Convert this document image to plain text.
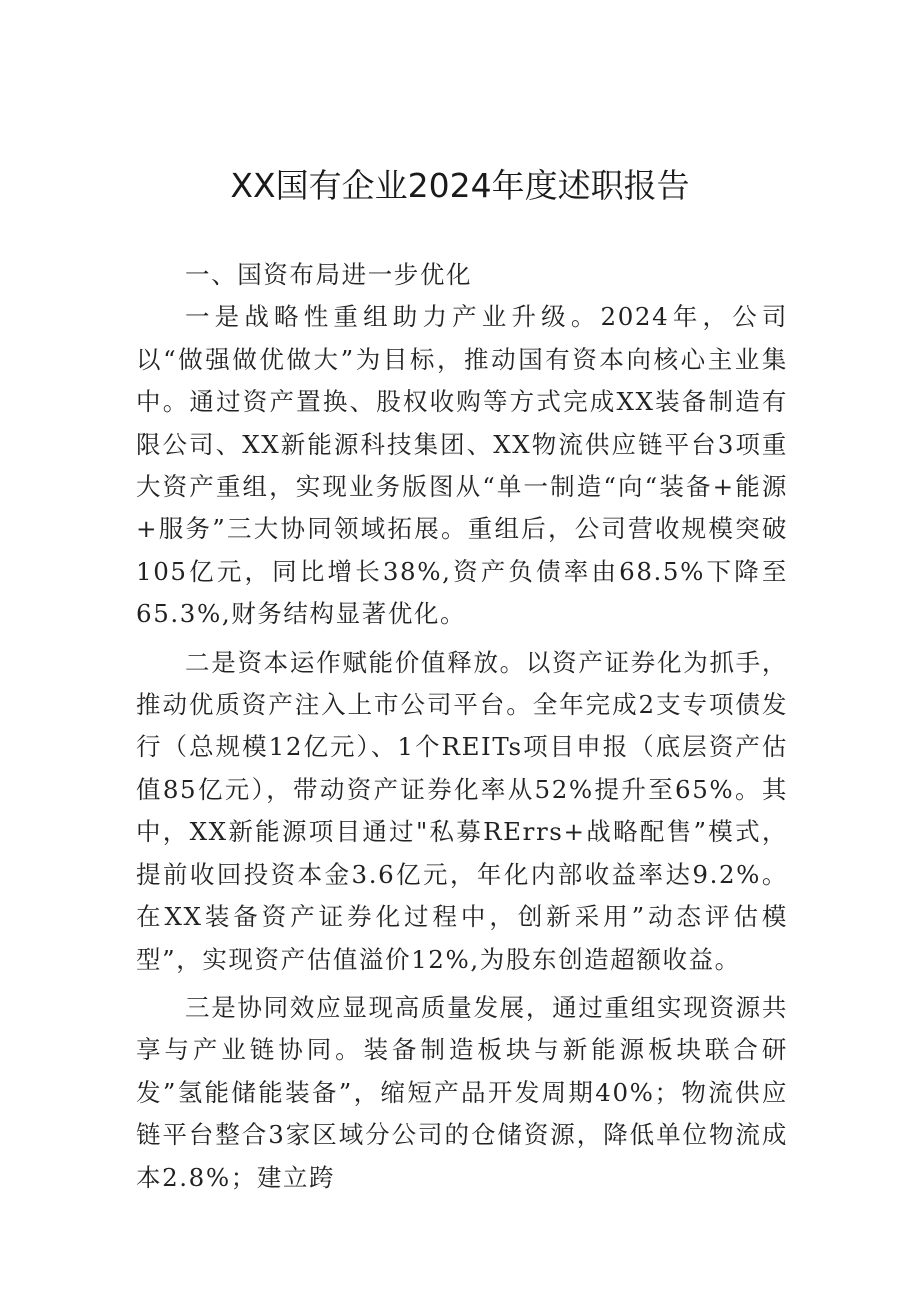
XX国有企业2024年度述职报告

一、国资布局进一步优化

一是战略性重组助力产业升级。2024年，公司以“做强做优做大”为目标，推动国有资本向核心主业集中。通过资产置换、股权收购等方式完成XX装备制造有限公司、XX新能源科技集团、XX物流供应链平台3项重大资产重组，实现业务版图从“单一制造“向“装备+能源+服务”三大协同领域拓展。重组后，公司营收规模突破105亿元，同比增长38%,资产负债率由68.5%下降至65.3%,财务结构显著优化。

二是资本运作赋能价值释放。以资产证券化为抓手，推动优质资产注入上市公司平台。全年完成2支专项债发行（总规模12亿元）、1个REITs项目申报（底层资产估值85亿元），带动资产证券化率从52%提升至65%。其中，XX新能源项目通过"私募RErrs+战略配售”模式，提前收回投资本金3.6亿元，年化内部收益率达9.2%。在XX装备资产证券化过程中，创新采用”动态评估模型”，实现资产估值溢价12%,为股东创造超额收益。

三是协同效应显现高质量发展，通过重组实现资源共享与产业链协同。装备制造板块与新能源板块联合研发”氢能储能装备”，缩短产品开发周期40%；物流供应链平台整合3家区域分公司的仓储资源，降低单位物流成本2.8%；建立跨
